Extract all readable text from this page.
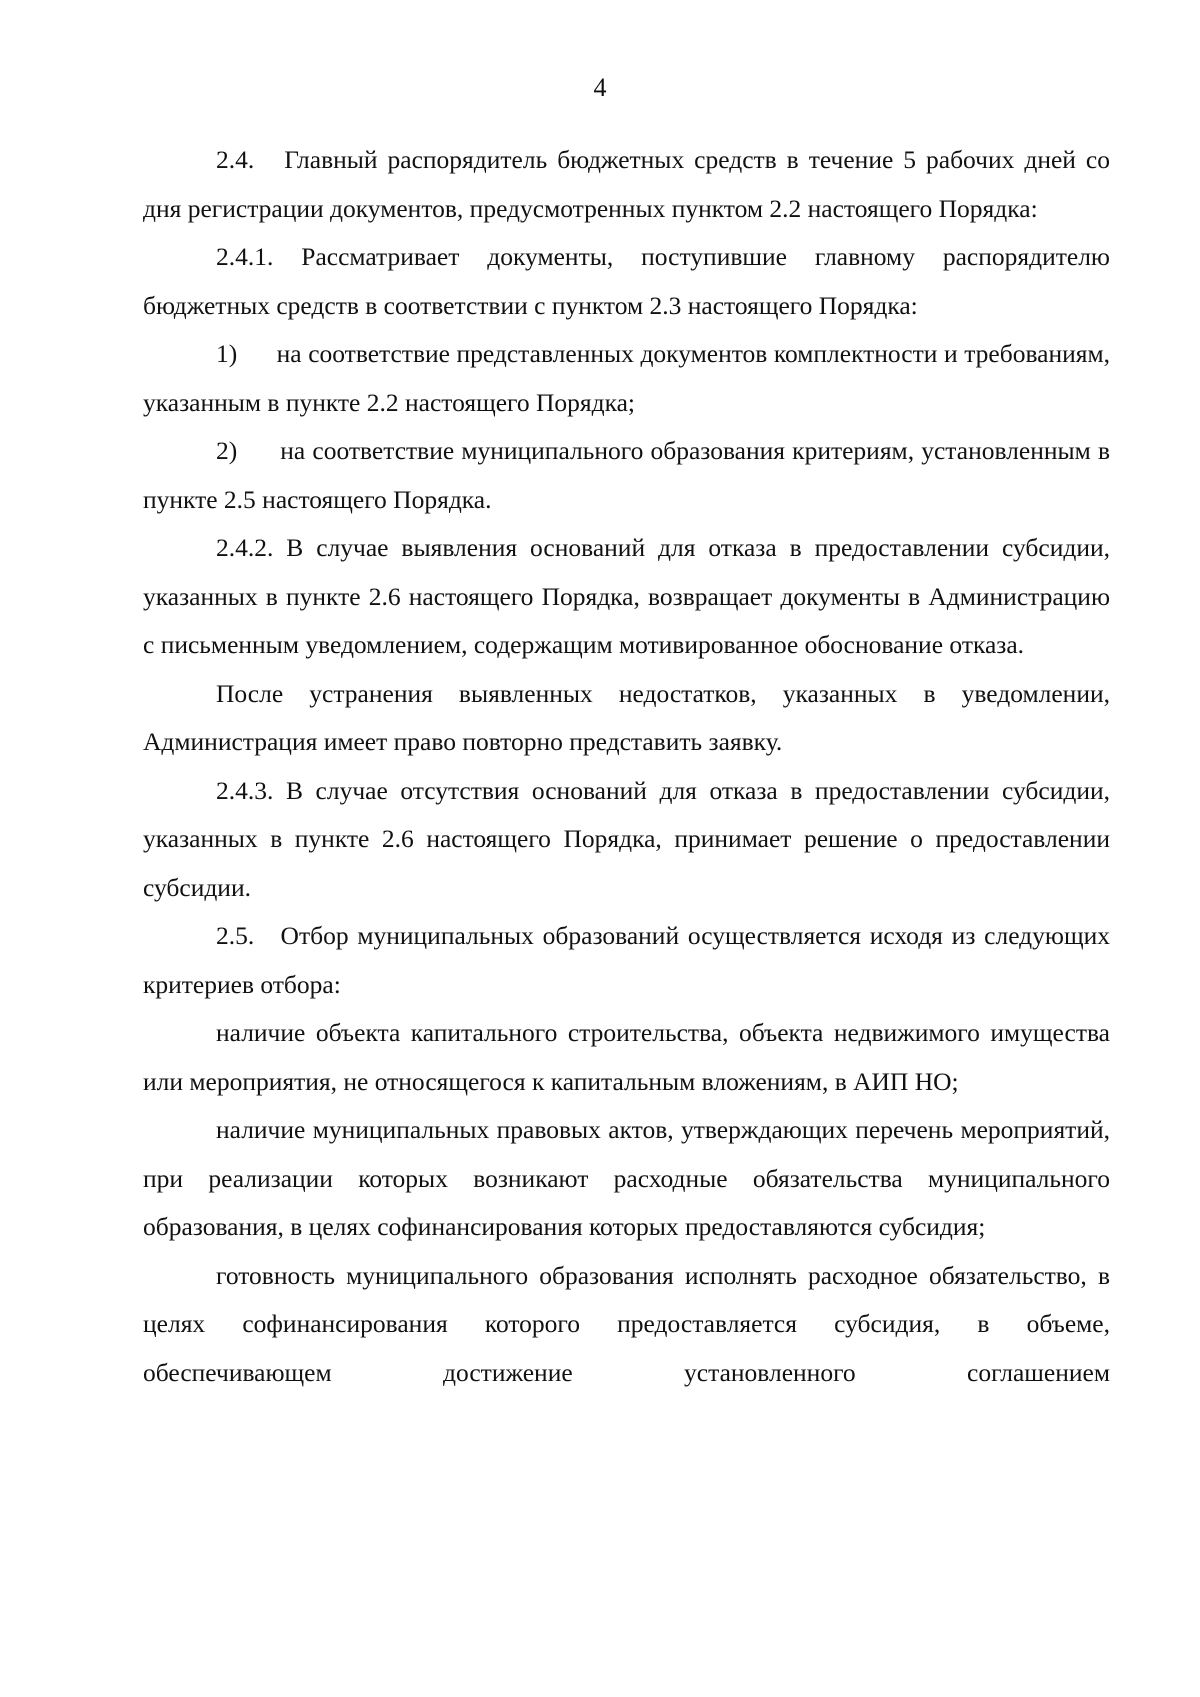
4

2.4.   Главный распорядитель бюджетных средств в течение 5 рабочих дней со дня регистрации документов, предусмотренных пунктом 2.2 настоящего Порядка:

2.4.1. Рассматривает документы, поступившие главному распорядителю бюджетных средств в соответствии с пунктом 2.3 настоящего Порядка:

1)      на соответствие представленных документов комплектности и требованиям, указанным в пункте 2.2 настоящего Порядка;

2)      на соответствие муниципального образования критериям, установленным в пункте 2.5 настоящего Порядка.

2.4.2. В случае выявления оснований для отказа в предоставлении субсидии, указанных в пункте 2.6 настоящего Порядка, возвращает документы в Администрацию с письменным уведомлением, содержащим мотивированное обоснование отказа.

После устранения выявленных недостатков, указанных в уведомлении, Администрация имеет право повторно представить заявку.

2.4.3. В случае отсутствия оснований для отказа в предоставлении субсидии, указанных в пункте 2.6 настоящего Порядка, принимает решение о предоставлении субсидии.

2.5.   Отбор муниципальных образований осуществляется исходя из следующих критериев отбора:

наличие объекта капитального строительства, объекта недвижимого имущества или мероприятия, не относящегося к капитальным вложениям, в АИП НО;

наличие муниципальных правовых актов, утверждающих перечень мероприятий, при реализации которых возникают расходные обязательства муниципального образования, в целях софинансирования которых предоставляются субсидия;

готовность муниципального образования исполнять расходное обязательство, в целях софинансирования которого предоставляется субсидия, в объеме, обеспечивающем достижение установленного соглашением
